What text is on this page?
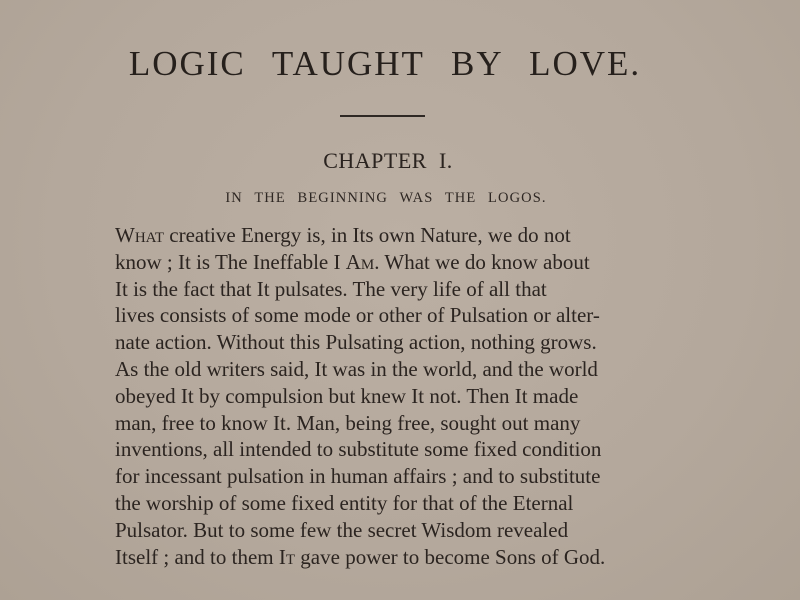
LOGIC TAUGHT BY LOVE.
CHAPTER I.
IN THE BEGINNING WAS THE LOGOS.
What creative Energy is, in Its own Nature, we do not
know ; It is The Ineffable I Am. What we do know about
It is the fact that It pulsates. The very life of all that
lives consists of some mode or other of Pulsation or alter-
nate action. Without this Pulsating action, nothing grows.
As the old writers said, It was in the world, and the world
obeyed It by compulsion but knew It not. Then It made
man, free to know It. Man, being free, sought out many
inventions, all intended to substitute some fixed condition
for incessant pulsation in human affairs ; and to substitute
the worship of some fixed entity for that of the Eternal
Pulsator. But to some few the secret Wisdom revealed
Itself ; and to them It gave power to become Sons of God.
